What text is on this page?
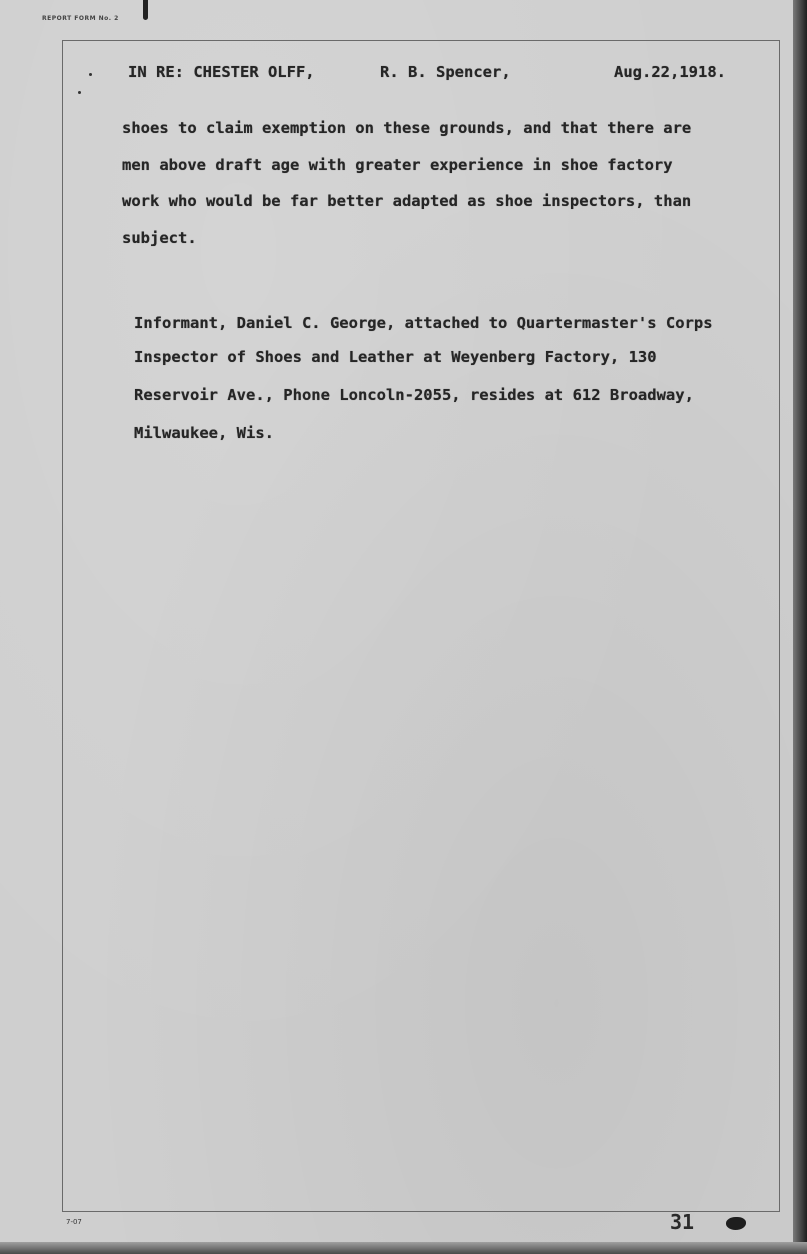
REPORT FORM No. 2
IN RE: CHESTER OLFF,	R. B. Spencer,	Aug.22,1918.
shoes to claim exemption on these grounds, and that there are
men above draft age with greater experience in shoe factory
work who would be far better adapted as shoe inspectors, than
subject.
Informant, Daniel C. George, attached to Quartermaster's Corps
Inspector of Shoes and Leather at Weyenberg Factory, 130
Reservoir Ave., Phone Loncoln-2055, resides at 612 Broadway,
Milwaukee, Wis.
7-07	31
